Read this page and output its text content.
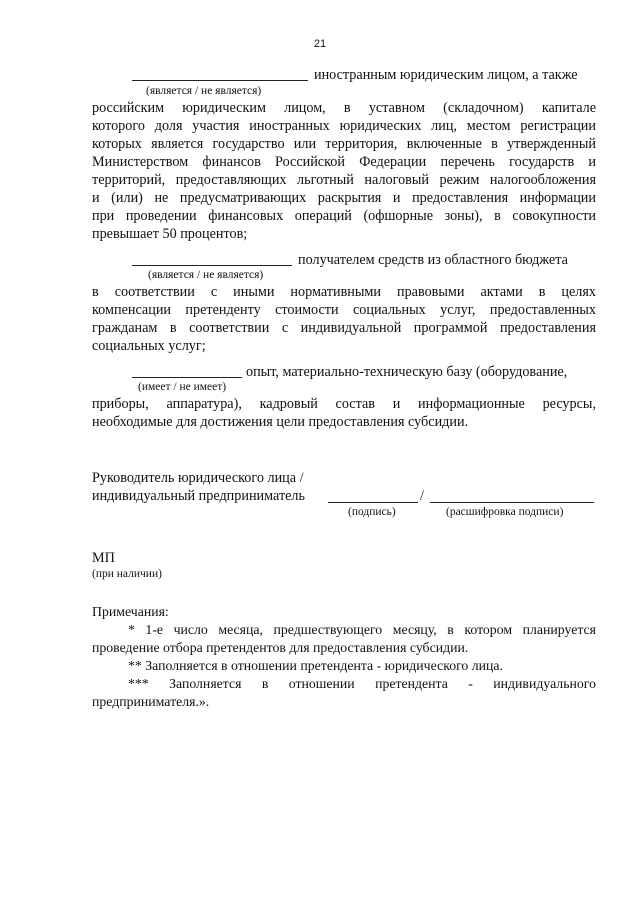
21
иностранным юридическим лицом, а также
(является / не является)
российским юридическим лицом, в уставном (складочном) капитале
которого доля участия иностранных юридических лиц, местом регистрации
которых является государство или территория, включенные в утвержденный
Министерством финансов Российской Федерации перечень государств и
территорий, предоставляющих льготный налоговый режим налогообложения
и (или) не предусматривающих раскрытия и предоставления информации
при проведении финансовых операций (офшорные зоны), в совокупности
превышает 50 процентов;
получателем средств из областного бюджета
(является / не является)
в соответствии с иными нормативными правовыми актами в целях
компенсации претенденту стоимости социальных услуг, предоставленных
гражданам в соответствии с индивидуальной программой предоставления
социальных услуг;
опыт, материально-техническую базу (оборудование,
(имеет / не имеет)
приборы, аппаратура), кадровый состав и информационные ресурсы,
необходимые для достижения цели предоставления субсидии.
Руководитель юридического лица /
индивидуальный предприниматель	/
(подпись)	(расшифровка подписи)
МП
(при наличии)
Примечания:
* 1-е число месяца, предшествующего месяцу, в котором планируется
проведение отбора претендентов для предоставления субсидии.
** Заполняется в отношении претендента - юридического лица.
*** Заполняется в отношении претендента - индивидуального
предпринимателя.».
